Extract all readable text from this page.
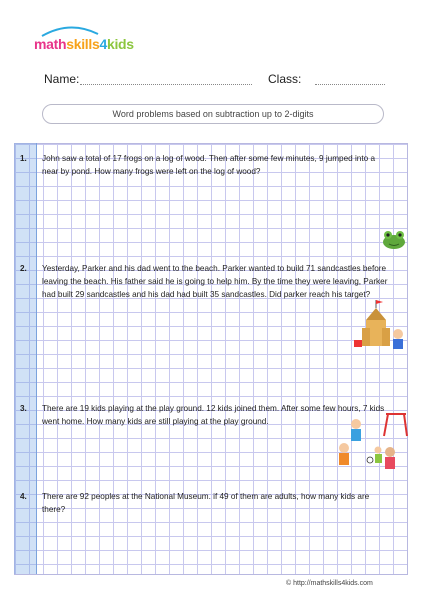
mathskills4kids
Name:	Class:
Word problems based on subtraction up to 2-digits
1. John saw a total of 17 frogs on a log of wood. Then after some few minutes, 9 jumped into a near by pond. How many frogs were left on the log of wood?
2. Yesterday, Parker and his dad went to the beach. Parker wanted to build 71 sandcastles before leaving the beach. His father said he is going to help him. By the time they were leaving, Parker had built 29 sandcastles and his dad had built 35 sandcastles. Did parker reach his target?
3. There are 19 kids playing at the play ground. 12 kids joined them. After some few hours, 7 kids went home. How many kids are still playing at the play ground.
4. There are 92 peoples at the National Museum. if 49 of them are adults, how many kids are there?
© http://mathskills4kids.com
